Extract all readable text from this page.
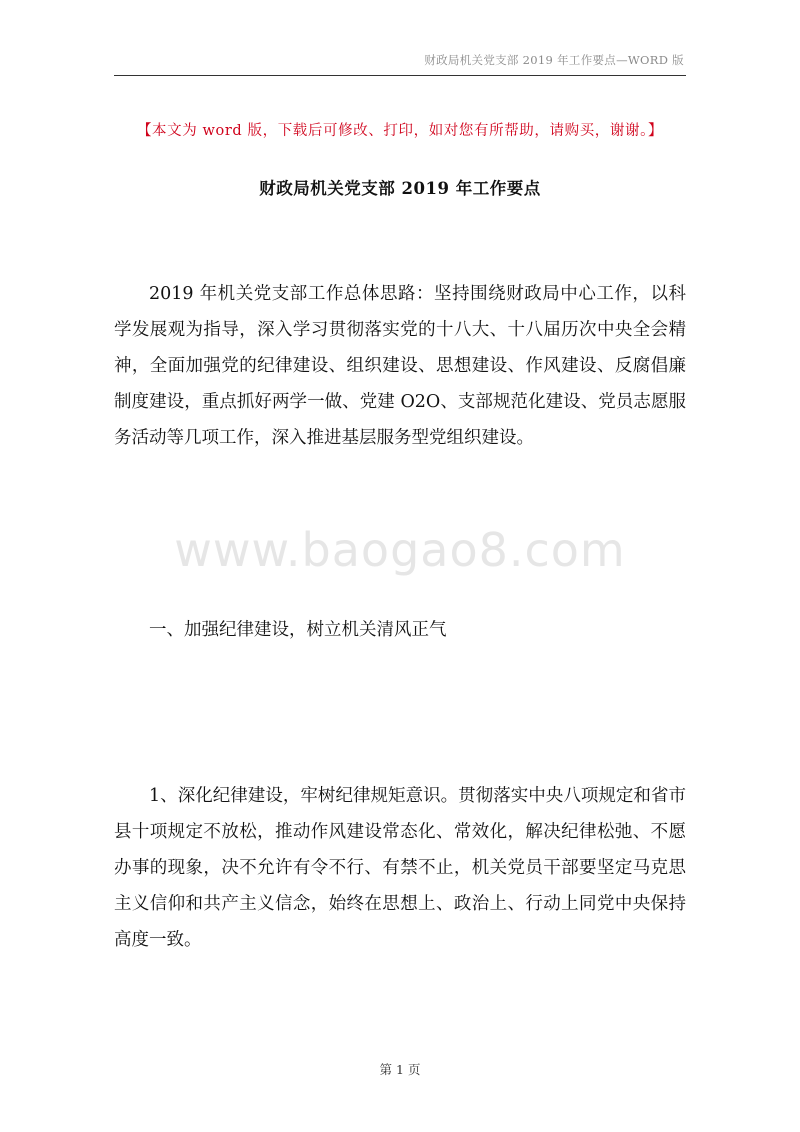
财政局机关党支部 2019 年工作要点—WORD 版
【本文为 word 版，下载后可修改、打印，如对您有所帮助，请购买，谢谢。】
财政局机关党支部 2019 年工作要点

2019 年机关党支部工作总体思路：坚持围绕财政局中心工作，以科学发展观为指导，深入学习贯彻落实党的十八大、十八届历次中央全会精神，全面加强党的纪律建设、组织建设、思想建设、作风建设、反腐倡廉制度建设，重点抓好两学一做、党建 O2O、支部规范化建设、党员志愿服务活动等几项工作，深入推进基层服务型党组织建设。

www.baogao8.com

一、加强纪律建设，树立机关清风正气

1、深化纪律建设，牢树纪律规矩意识。贯彻落实中央八项规定和省市县十项规定不放松，推动作风建设常态化、常效化，解决纪律松弛、不愿办事的现象，决不允许有令不行、有禁不止，机关党员干部要坚定马克思主义信仰和共产主义信念，始终在思想上、政治上、行动上同党中央保持高度一致。

第 1 页
